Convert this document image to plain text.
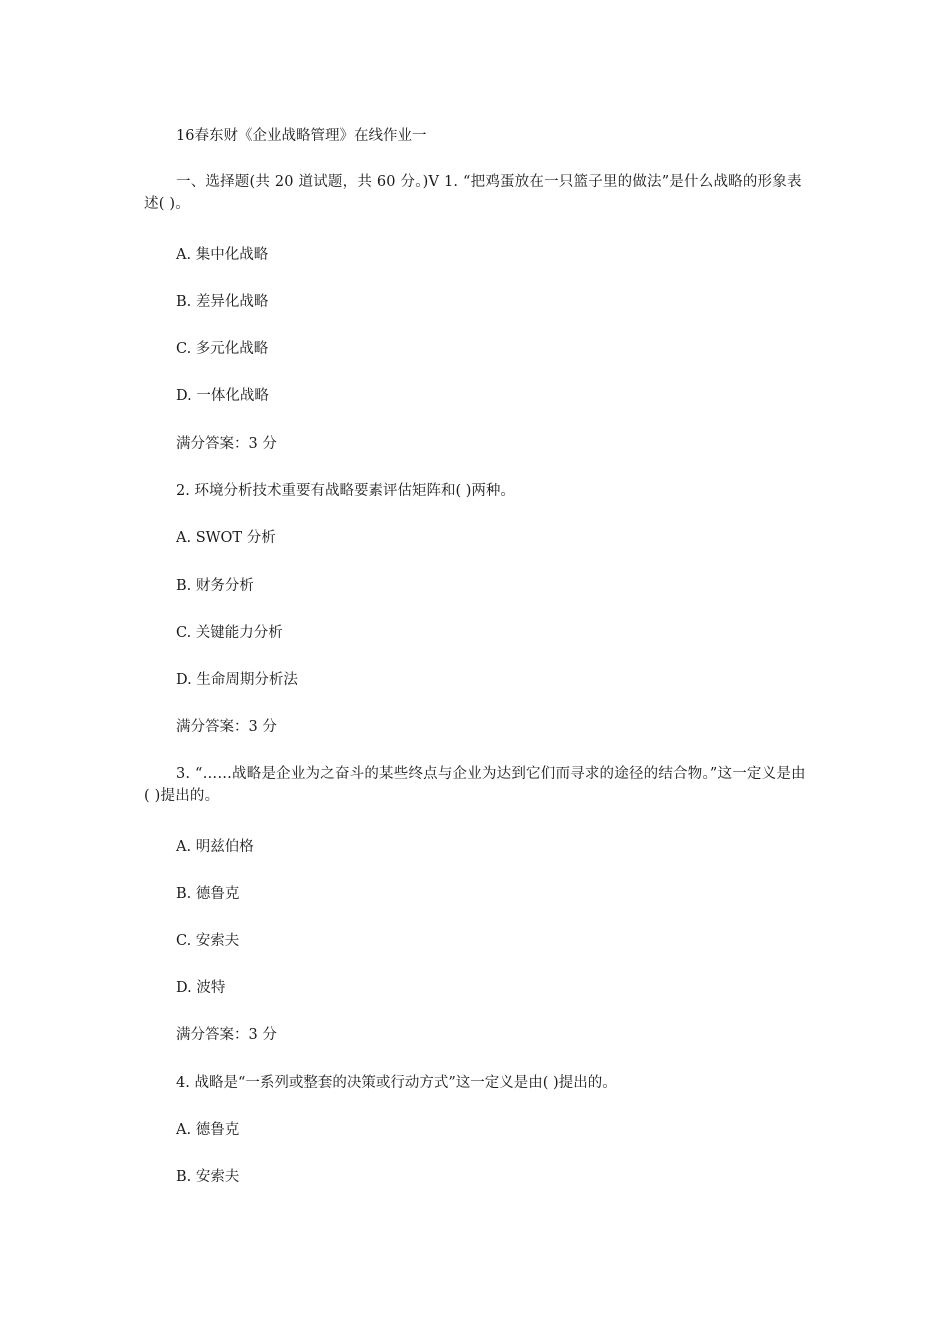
16春东财《企业战略管理》在线作业一

一、选择题(共 20 道试题，共 60 分。)V 1. “把鸡蛋放在一只篮子里的做法”是什么战略的形象表述( )。

A. 集中化战略

B. 差异化战略

C. 多元化战略

D. 一体化战略

满分答案：3 分

2. 环境分析技术重要有战略要素评估矩阵和( )两种。

A. SWOT 分析

B. 财务分析

C. 关键能力分析

D. 生命周期分析法

满分答案：3 分

3. “……战略是企业为之奋斗的某些终点与企业为达到它们而寻求的途径的结合物。”这一定义是由( )提出的。

A. 明兹伯格

B. 德鲁克

C. 安索夫

D. 波特

满分答案：3 分

4. 战略是“一系列或整套的决策或行动方式”这一定义是由( )提出的。

A. 德鲁克

B. 安索夫
